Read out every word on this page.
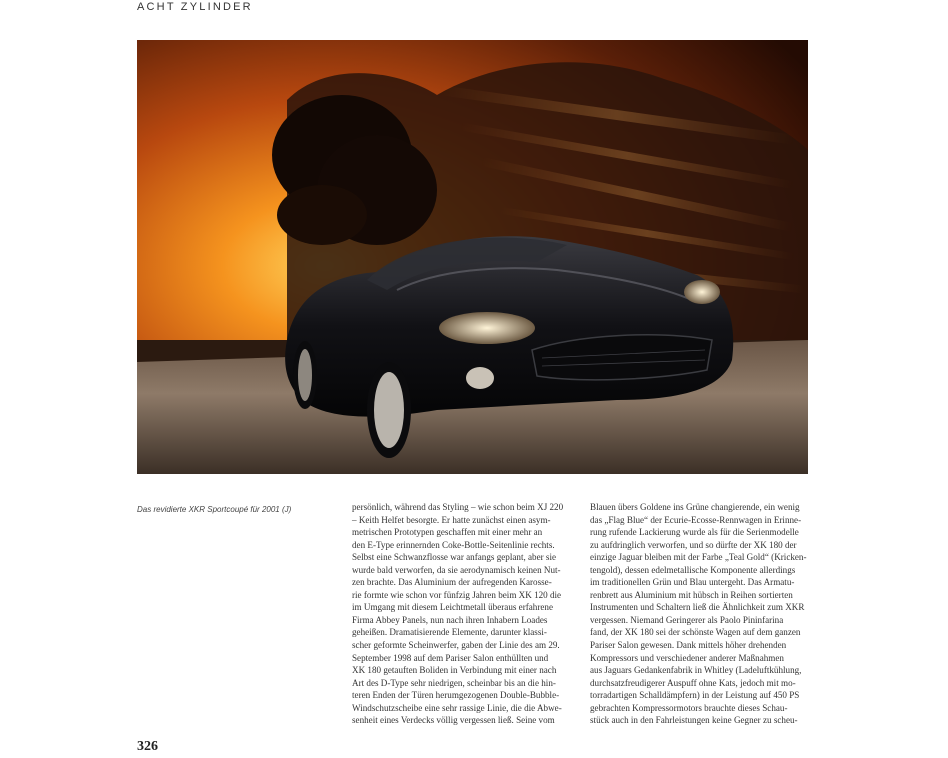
ACHT ZYLINDER
Das revidierte XKR Sportcoupé für 2001 (J)	persönlich, während das Styling – wie schon beim XJ 220

– Keith Helfet besorgte. Er hatte zunächst einen asym-

metrischen Prototypen geschaffen mit einer mehr an

den E-Type erinnernden Coke-Bottle-Seitenlinie rechts.

Selbst eine Schwanzflosse war anfangs geplant, aber sie

wurde bald verworfen, da sie aerodynamisch keinen Nut-

zen brachte. Das Aluminium der aufregenden Karosse-

rie formte wie schon vor fünfzig Jahren beim XK 120 die

im Umgang mit diesem Leichtmetall überaus erfahrene

Firma Abbey Panels, nun nach ihren Inhabern Loades

geheißen. Dramatisierende Elemente, darunter klassi-

scher geformte Scheinwerfer, gaben der Linie des am 29.

September 1998 auf dem Pariser Salon enthüllten und

XK 180 getauften Boliden in Verbindung mit einer nach

Art des D-Type sehr niedrigen, scheinbar bis an die hin-

teren Enden der Türen herumgezogenen Double-Bubble-

Windschutzscheibe eine sehr rassige Linie, die die Abwe-

senheit eines Verdecks völlig vergessen ließ. Seine vom

Blauen übers Goldene ins Grüne changierende, ein wenig

das „Flag Blue“ der Ecurie-Ecosse-Rennwagen in Erinne-

rung rufende Lackierung wurde als für die Serienmodelle

zu aufdringlich verworfen, und so dürfte der XK 180 der

einzige Jaguar bleiben mit der Farbe „Teal Gold“ (Kricken-

tengold), dessen edelmetallische Komponente allerdings

im traditionellen Grün und Blau untergeht. Das Armatu-

renbrett aus Aluminium mit hübsch in Reihen sortierten

Instrumenten und Schaltern ließ die Ähnlichkeit zum XKR

vergessen. Niemand Geringerer als Paolo Pininfarina

fand, der XK 180 sei der schönste Wagen auf dem ganzen

Pariser Salon gewesen. Dank mittels höher drehenden

Kompressors und verschiedener anderer Maßnahmen

aus Jaguars Gedankenfabrik in Whitley (Ladeluftkühlung,

durchsatzfreudigerer Auspuff ohne Kats, jedoch mit mo-

torradartigen Schalldämpfern) in der Leistung auf 450 PS

gebrachten Kompressormotors brauchte dieses Schau-

stück auch in den Fahrleistungen keine Gegner zu scheu-

326
